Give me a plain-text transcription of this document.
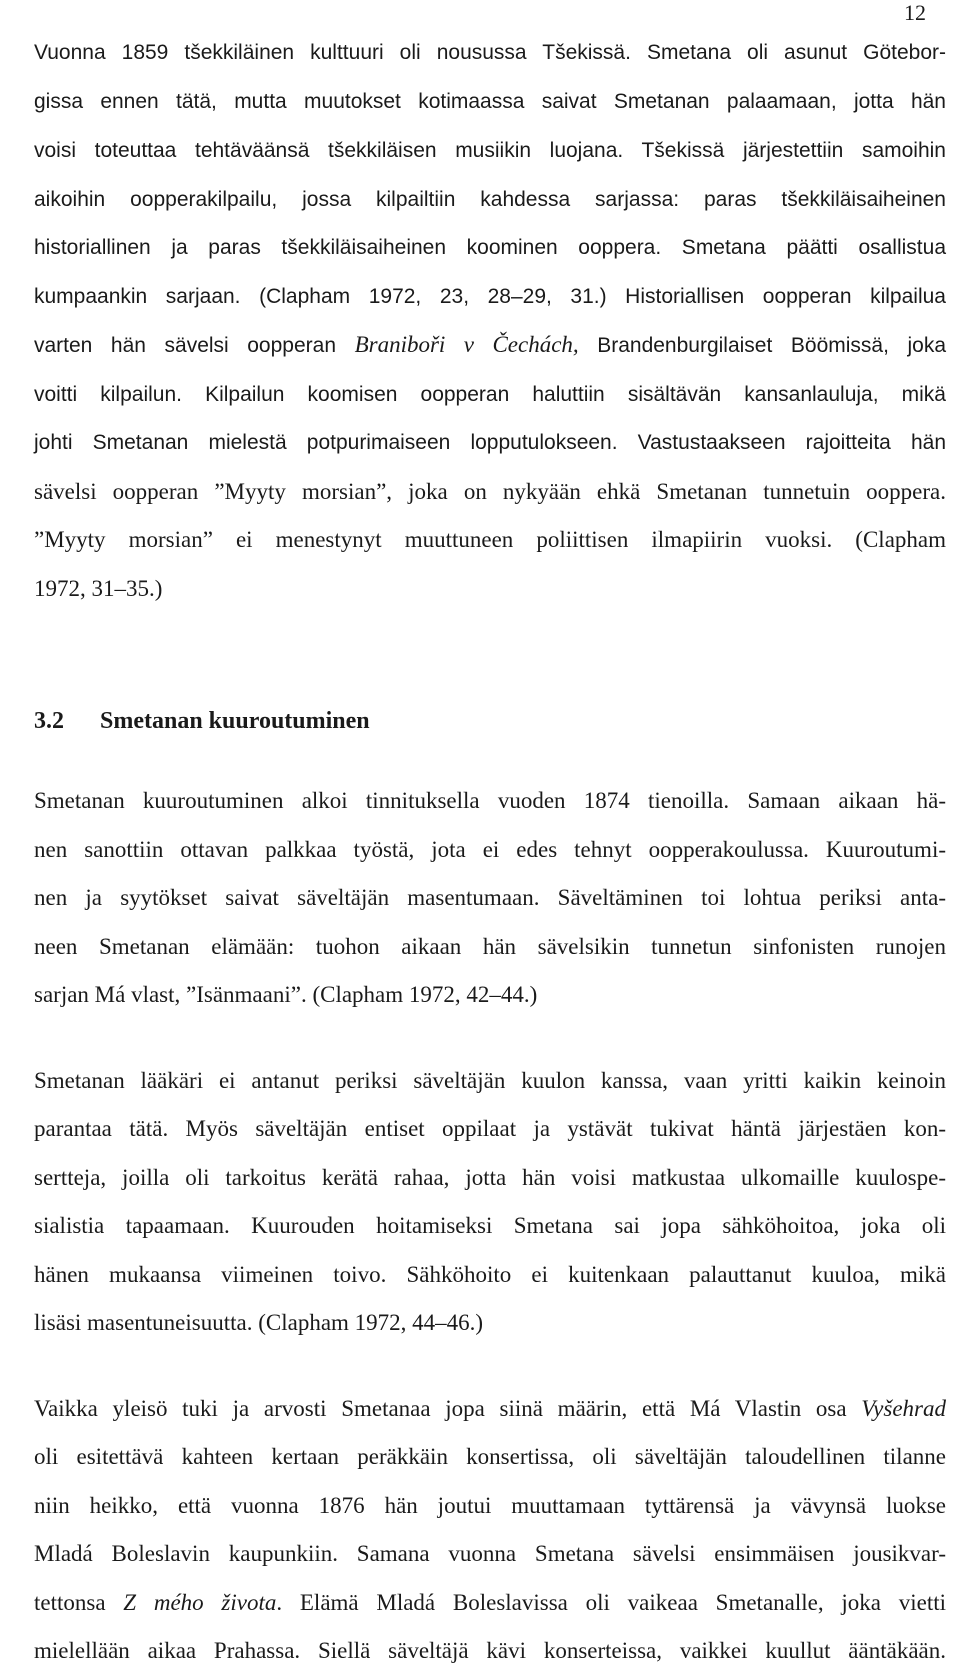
12

Vuonna 1859 tšekkiläinen kulttuuri oli nousussa Tšekissä. Smetana oli asunut Götebor-
gissa ennen tätä, mutta muutokset kotimaassa saivat Smetanan palaamaan, jotta hän
voisi toteuttaa tehtäväänsä tšekkiläisen musiikin luojana. Tšekissä järjestettiin samoihin
aikoihin oopperakilpailu, jossa kilpailtiin kahdessa sarjassa: paras tšekkiläisaiheinen
historiallinen ja paras tšekkiläisaiheinen koominen ooppera. Smetana päätti osallistua
kumpaankin sarjaan. (Clapham 1972, 23, 28–29, 31.) Historiallisen oopperan kilpailua
varten hän sävelsi oopperan Braniboři v Čechách, Brandenburgilaiset Böömissä, joka
voitti kilpailun. Kilpailun koomisen oopperan haluttiin sisältävän kansanlauluja, mikä
johti Smetanan mielestä potpurimaiseen lopputulokseen. Vastustaakseen rajoitteita hän
sävelsi oopperan ”Myyty morsian”, joka on nykyään ehkä Smetanan tunnetuin ooppera.
”Myyty morsian” ei menestynyt muuttuneen poliittisen ilmapiirin vuoksi. (Clapham
1972, 31–35.)

3.2 Smetanan kuuroutuminen

Smetanan kuuroutuminen alkoi tinnituksella vuoden 1874 tienoilla. Samaan aikaan hä-
nen sanottiin ottavan palkkaa työstä, jota ei edes tehnyt oopperakoulussa. Kuuroutumi-
nen ja syytökset saivat säveltäjän masentumaan. Säveltäminen toi lohtua periksi anta-
neen Smetanan elämään: tuohon aikaan hän sävelsikin tunnetun sinfonisten runojen
sarjan Má vlast, ”Isänmaani”. (Clapham 1972, 42–44.)

Smetanan lääkäri ei antanut periksi säveltäjän kuulon kanssa, vaan yritti kaikin keinoin
parantaa tätä. Myös säveltäjän entiset oppilaat ja ystävät tukivat häntä järjestäen kon-
sertteja, joilla oli tarkoitus kerätä rahaa, jotta hän voisi matkustaa ulkomaille kuulospe-
sialistia tapaamaan. Kuurouden hoitamiseksi Smetana sai jopa sähköhoitoa, joka oli
hänen mukaansa viimeinen toivo. Sähköhoito ei kuitenkaan palauttanut kuuloa, mikä
lisäsi masentuneisuutta. (Clapham 1972, 44–46.)

Vaikka yleisö tuki ja arvosti Smetanaa jopa siinä määrin, että Má Vlastin osa Vyšehrad
oli esitettävä kahteen kertaan peräkkäin konsertissa, oli säveltäjän taloudellinen tilanne
niin heikko, että vuonna 1876 hän joutui muuttamaan tyttärensä ja vävynsä luokse
Mladá Boleslavin kaupunkiin. Samana vuonna Smetana sävelsi ensimmäisen jousikvar-
tettonsa Z mého života. Elämä Mladá Boleslavissa oli vaikeaa Smetanalle, joka vietti
mielellään aikaa Prahassa. Siellä säveltäjä kävi konserteissa, vaikkei kuullut ääntäkään.
